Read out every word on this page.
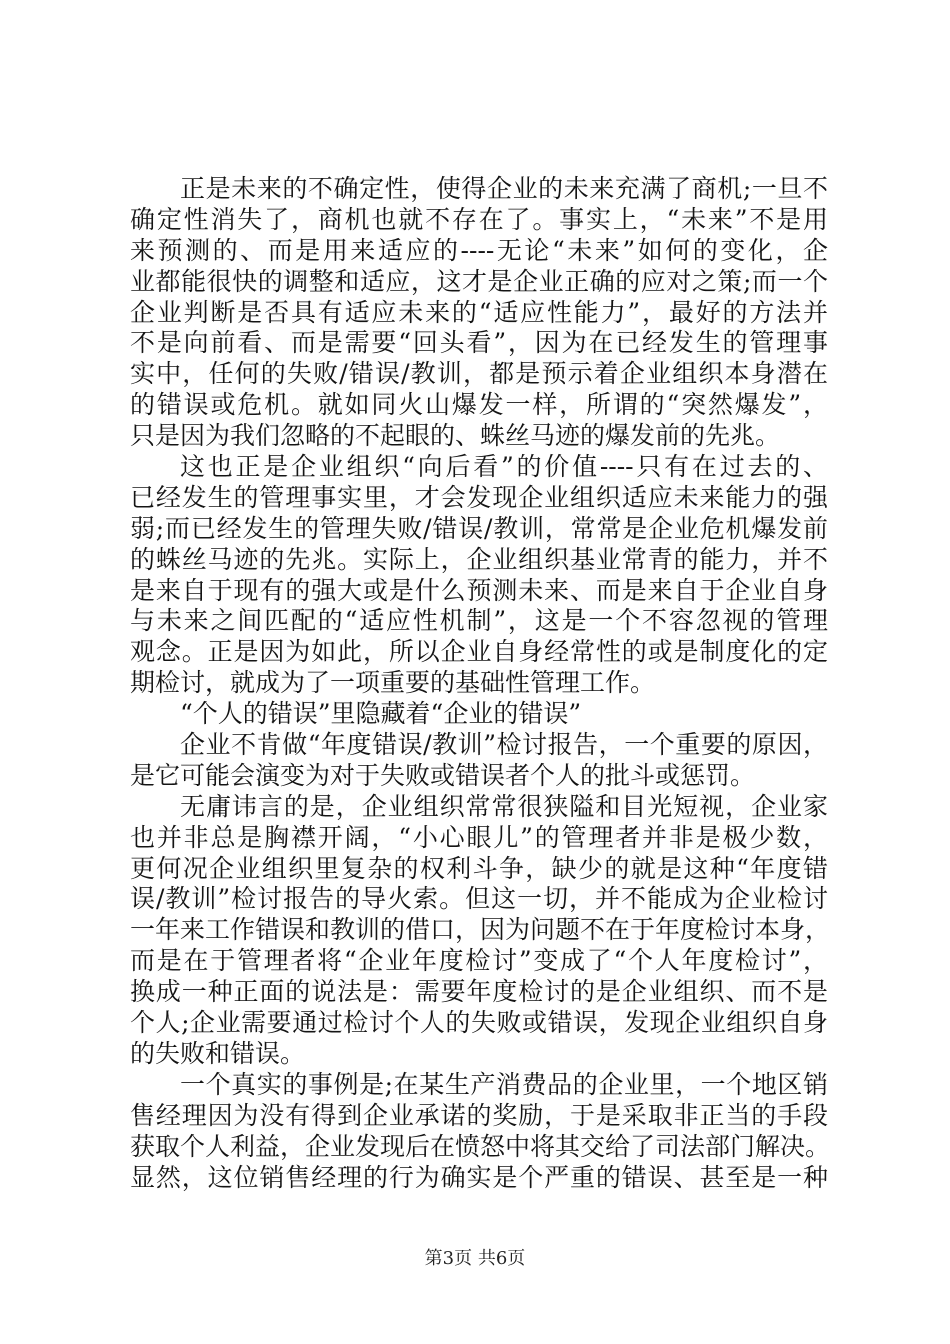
正是未来的不确定性，使得企业的未来充满了商机;一旦不
确定性消失了，商机也就不存在了。事实上，“未来”不是用
来预测的、而是用来适应的----无论“未来”如何的变化，企
业都能很快的调整和适应，这才是企业正确的应对之策;而一个
企业判断是否具有适应未来的“适应性能力”，最好的方法并
不是向前看、而是需要“回头看”，因为在已经发生的管理事
实中，任何的失败/错误/教训，都是预示着企业组织本身潜在
的错误或危机。就如同火山爆发一样，所谓的“突然爆发”，
只是因为我们忽略的不起眼的、蛛丝马迹的爆发前的先兆。
这也正是企业组织“向后看”的价值----只有在过去的、
已经发生的管理事实里，才会发现企业组织适应未来能力的强
弱;而已经发生的管理失败/错误/教训，常常是企业危机爆发前
的蛛丝马迹的先兆。实际上，企业组织基业常青的能力，并不
是来自于现有的强大或是什么预测未来、而是来自于企业自身
与未来之间匹配的“适应性机制”，这是一个不容忽视的管理
观念。正是因为如此，所以企业自身经常性的或是制度化的定
期检讨，就成为了一项重要的基础性管理工作。
“个人的错误”里隐藏着“企业的错误”
企业不肯做“年度错误/教训”检讨报告，一个重要的原因，
是它可能会演变为对于失败或错误者个人的批斗或惩罚。
无庸讳言的是，企业组织常常很狭隘和目光短视，企业家
也并非总是胸襟开阔，“小心眼儿”的管理者并非是极少数，
更何况企业组织里复杂的权利斗争，缺少的就是这种“年度错
误/教训”检讨报告的导火索。但这一切，并不能成为企业检讨
一年来工作错误和教训的借口，因为问题不在于年度检讨本身，
而是在于管理者将“企业年度检讨”变成了“个人年度检讨”，
换成一种正面的说法是：需要年度检讨的是企业组织、而不是
个人;企业需要通过检讨个人的失败或错误，发现企业组织自身
的失败和错误。
一个真实的事例是;在某生产消费品的企业里，一个地区销
售经理因为没有得到企业承诺的奖励，于是采取非正当的手段
获取个人利益，企业发现后在愤怒中将其交给了司法部门解决。
显然，这位销售经理的行为确实是个严重的错误、甚至是一种
第3页 共6页
